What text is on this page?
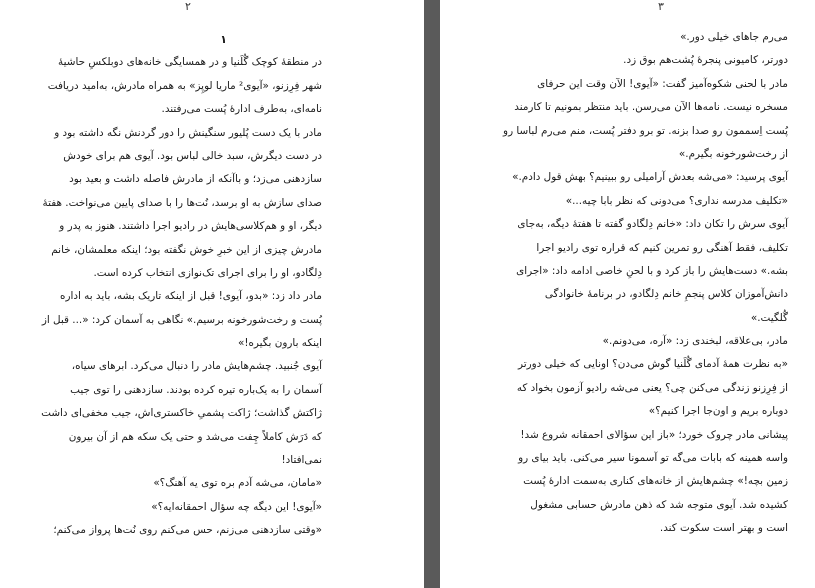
۲
۱
در منطقهٔ کوچک گُلَنیا و در همسایگی خانه‌های دوبلکسِ حاشیهٔ
شهر فِرِزنو، «آیوی² ماریا لوپِز» به همراه مادرش، به‌امید دریافت
نامه‌ای، به‌طرف ادارهٔ پُست می‌رفتند.
مادر با یک دست پُلیور سنگینش را دور گردنش نگه داشته بود و
در دست دیگرش، سبد خالی لباس بود. آیوی هم برای خودش
سازدهنی می‌زد؛ و باآنکه از مادرش فاصله داشت و بعید بود
صدای سازش به او برسد، نُت‌ها را با صدای پایین می‌نواخت. هفتهٔ
دیگر، او و هم‌کلاسی‌هایش در رادیو اجرا داشتند. هنوز به پدر و
مادرش چیزی از این خبرِ خوش نگفته بود؛ اینکه معلمشان، خانم
دِلگادو، او را برای اجرای تک‌نوازی انتخاب کرده است.
مادر داد زد: «بدو، آیوی! قبل از اینکه تاریک بشه، باید به اداره
پُست و رخت‌شورخونه برسیم.» نگاهی به آسمان کرد: «... قبل از
اینکه بارون بگیره!»
آیوی جُنبید. چشم‌هایش مادر را دنبال می‌کرد. ابرهای سیاه،
آسمان را به یک‌باره تیره کرده بودند. سازدهنی را توی جیب
ژاکتش گذاشت؛ ژاکت پشمیِ خاکستری‌اش، جیب مخفی‌ای داشت
که دَرَش کاملاً چِفت می‌شد و حتی یک سکه هم از آن بیرون
نمی‌افتاد!
«مامان، می‌شه آدم بره توی یه آهنگ؟»
«آیوی! این دیگه چه سؤال احمقانه‌ایه؟»
«وقتی سازدهنی می‌زنم، حس می‌کنم روی نُت‌ها پرواز می‌کنم؛
۳
می‌رم جاهای خیلی دور.»
دورتر، کامیونی پنجرهٔ پُشت‌هم بوق زد.
مادر با لحنی شکوه‌آمیز گفت: «آیوی! الآن وقت این حرفای
مسخره نیست. نامه‌ها الآن می‌رسن. باید منتظر بمونیم تا کارمند
پُست اِسممون رو صدا بزنه. تو برو دفتر پُست، منم می‌رم لباسا رو
از رخت‌شورخونه بگیرم.»
آیوی پرسید: «می‌شه بعدش آرامیلی رو ببینیم؟ بهش قول دادم.»
«تکلیف مدرسه نداری؟ می‌دونی که نظر بابا چیه...»
آیوی سرش را تکان داد: «خانم دِلگادو گفته تا هفتهٔ دیگه، به‌جای
تکلیف، فقط آهنگی رو تمرین کنیم که قراره توی رادیو اجرا
بشه.» دست‌هایش را باز کرد و با لحنِ خاصی ادامه داد: «اجرای
دانش‌آموزان کلاس پنجمِ خانم دِلگادو، در برنامهٔ خانوادگی
گُلگیت.»
مادر، بی‌علاقه، لبخندی زد: «آره، می‌دونم.»
«به نظرت همهٔ آدمای گُلَنیا گوش می‌دن؟ اونایی که خیلی دورتر
از فِرِزنو زندگی می‌کنن چی؟ یعنی می‌شه رادیو آزمون بخواد که
دوباره بریم و اون‌جا اجرا کنیم؟»
پیشانی مادر چروک خورد؛ «باز این سؤالای احمقانه شروع شد!
واسه همینه که بابات می‌گه تو آسمونا سیر می‌کنی. باید بیای رو
زمین بچه!» چشم‌هایش از خانه‌های کناری به‌سمت ادارهٔ پُست
کشیده شد. آیوی متوجه شد که ذهن مادرش حسابی مشغول
است و بهتر است سکوت کند.
